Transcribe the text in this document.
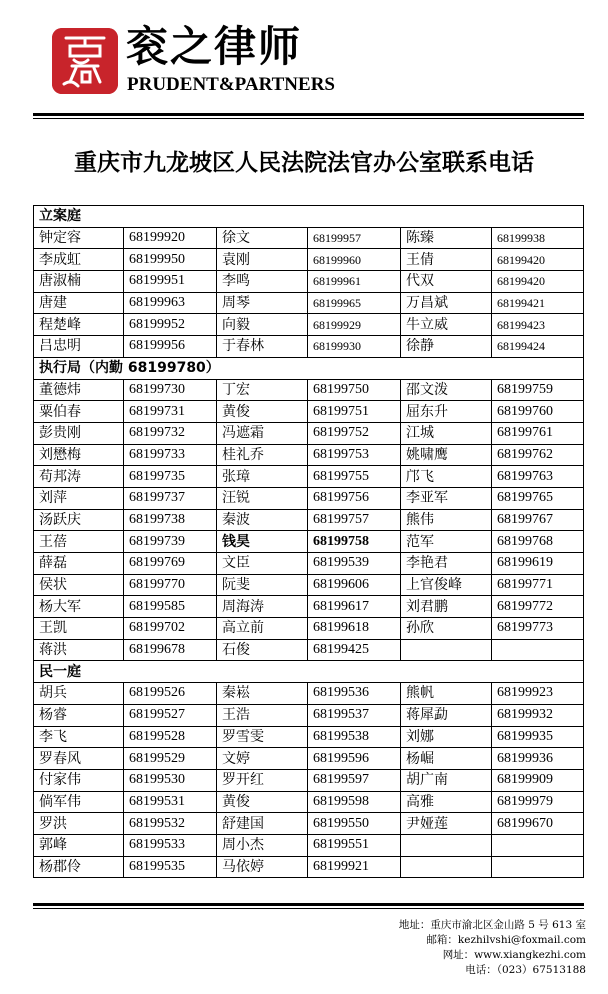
衮之律师
PRUDENT&PARTNERS
重庆市九龙坡区人民法院法官办公室联系电话
立案庭					
钟定容	68199920	徐文	68199957	陈臻	68199938
李成虹	68199950	袁刚	68199960	王倩	68199420
唐淑楠	68199951	李鸣	68199961	代双	68199420
唐建	68199963	周琴	68199965	万昌斌	68199421
程楚峰	68199952	向毅	68199929	牛立威	68199423
吕忠明	68199956	于春林	68199930	徐静	68199424
执行局（内勤 68199780）					
董德炜	68199730	丁宏	68199750	邵文泼	68199759
粟伯春	68199731	黄俊	68199751	屈东升	68199760
彭贵刚	68199732	冯遮霜	68199752	江城	68199761
刘懋梅	68199733	桂礼乔	68199753	姚啸鹰	68199762
苟邦涛	68199735	张璋	68199755	邝飞	68199763
刘萍	68199737	汪锐	68199756	李亚军	68199765
汤跃庆	68199738	秦波	68199757	熊伟	68199767
王蓓	68199739	钱昊	68199758	范军	68199768
薛磊	68199769	文臣	68199539	李艳君	68199619
侯状	68199770	阮斐	68199606	上官俊峰	68199771
杨大军	68199585	周海涛	68199617	刘君鹏	68199772
王凯	68199702	高立前	68199618	孙欣	68199773
蒋洪	68199678	石俊	68199425		
民一庭					
胡兵	68199526	秦崧	68199536	熊帆	68199923
杨睿	68199527	王浩	68199537	蒋犀勐	68199932
李飞	68199528	罗雪雯	68199538	刘娜	68199935
罗春风	68199529	文婷	68199596	杨崛	68199936
付家伟	68199530	罗开红	68199597	胡广南	68199909
倘军伟	68199531	黄俊	68199598	高雅	68199979
罗洪	68199532	舒建国	68199550	尹娅莲	68199670
郭峰	68199533	周小杰	68199551		
杨郡伶	68199535	马依婷	68199921		
地址：重庆市渝北区金山路 5 号 613 室
邮箱：kezhilvshi@foxmail.com
网址：www.xiangkezhi.com
电话：（023）67513188
